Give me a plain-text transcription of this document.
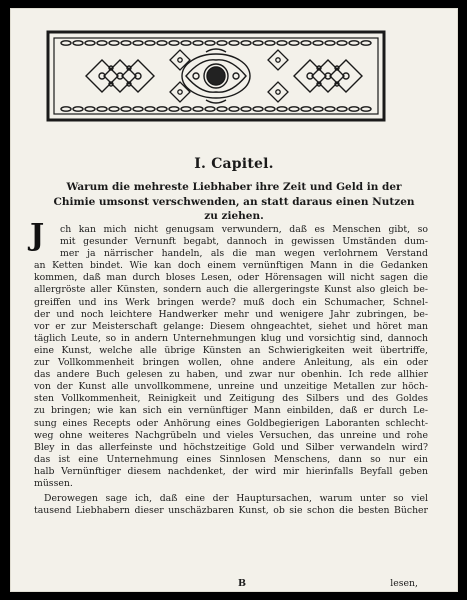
I. Capitel.
Warum die mehreste Liebhaber ihre Zeit und Geld in der
Chimie umsonst verschwenden, an statt daraus einen Nutzen
zu ziehen.
J	ch kan mich nicht genugsam verwundern, daß es Menschen gibt, so
mit gesunder Vernunft begabt, dannoch in gewissen Umständen dum-
mer ja närrischer handeln, als die man wegen verlohrnem Verstand
an Ketten bindet. Wie kan doch einem vernünftigen Mann in die Gedanken
kommen, daß man durch bloses Lesen, oder Hörensagen will nicht sagen die
allergröste aller Künsten, sondern auch die allergeringste Kunst also gleich be-
greiffen und ins Werk bringen werde? muß doch ein Schumacher, Schnel-
der und noch leichtere Handwerker mehr und wenigere Jahr zubringen, be-
vor er zur Meisterschaft gelange: Diesem ohngeachtet, siehet und höret man
täglich Leute, so in andern Unternehmungen klug und vorsichtig sind, dannoch
eine Kunst, welche alle übrige Künsten an Schwierigkeiten weit übertriffe,
zur Vollkommenheit bringen wollen, ohne andere Anleitung, als ein oder
das andere Buch gelesen zu haben, und zwar nur obenhin. Ich rede allhier
von der Kunst alle unvollkommene, unreine und unzeitige Metallen zur höch-
sten Vollkommenheit, Reinigkeit und Zeitigung des Silbers und des Goldes
zu bringen; wie kan sich ein vernünftiger Mann einbilden, daß er durch Le-
sung eines Recepts oder Anhörung eines Goldbegierigen Laboranten schlecht-
weg ohne weiteres Nachgrübeln und vieles Versuchen, das unreine und rohe
Bley in das allerfeinste und höchstzeitige Gold und Silber verwandeln wird?
das ist eine Unternehmung eines Sinnlosen Menschens, dann so nur ein
halb Vernünftiger diesem nachdenket, der wird mir hierinfalls Beyfall geben
müssen.
Derowegen sage ich, daß eine der Hauptursachen, warum unter so viel
tausend Liebhabern dieser unschäzbaren Kunst, ob sie schon die besten Bücher
B	lesen,
